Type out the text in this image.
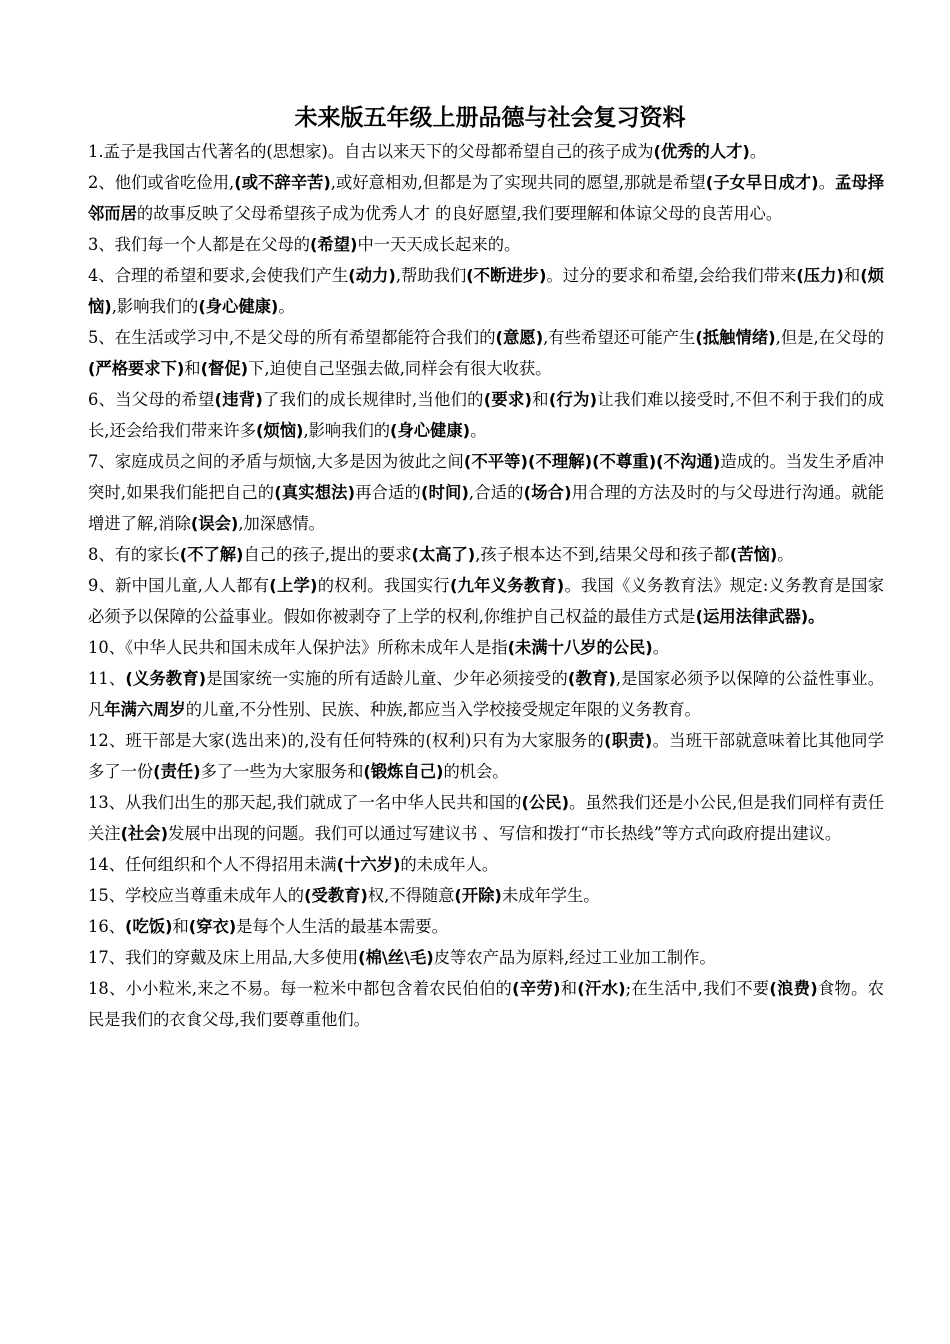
未来版五年级上册品德与社会复习资料

1.孟子是我国古代著名的(思想家)。自古以来天下的父母都希望自己的孩子成为(优秀的人才)。

2、他们或省吃俭用,(或不辞辛苦),或好意相劝,但都是为了实现共同的愿望,那就是希望(子女早日成才)。孟母择邻而居的故事反映了父母希望孩子成为优秀人才 的良好愿望,我们要理解和体谅父母的良苦用心。

3、我们每一个人都是在父母的(希望)中一天天成长起来的。

4、合理的希望和要求,会使我们产生(动力),帮助我们(不断进步)。过分的要求和希望,会给我们带来(压力)和(烦恼),影响我们的(身心健康)。

5、在生活或学习中,不是父母的所有希望都能符合我们的(意愿),有些希望还可能产生(抵触情绪),但是,在父母的(严格要求下)和(督促)下,迫使自己坚强去做,同样会有很大收获。

6、当父母的希望(违背)了我们的成长规律时,当他们的(要求)和(行为)让我们难以接受时,不但不利于我们的成长,还会给我们带来许多(烦恼),影响我们的(身心健康)。

7、家庭成员之间的矛盾与烦恼,大多是因为彼此之间(不平等)(不理解)(不尊重)(不沟通)造成的。当发生矛盾冲突时,如果我们能把自己的(真实想法)再合适的(时间),合适的(场合)用合理的方法及时的与父母进行沟通。就能增进了解,消除(误会),加深感情。

8、有的家长(不了解)自己的孩子,提出的要求(太高了),孩子根本达不到,结果父母和孩子都(苦恼)。

9、新中国儿童,人人都有(上学)的权利。我国实行(九年义务教育)。我国《义务教育法》规定:义务教育是国家必须予以保障的公益事业。假如你被剥夺了上学的权利,你维护自己权益的最佳方式是(运用法律武器)。

10、《中华人民共和国未成年人保护法》所称未成年人是指(未满十八岁的公民)。

11、(义务教育)是国家统一实施的所有适龄儿童、少年必须接受的(教育),是国家必须予以保障的公益性事业。凡年满六周岁的儿童,不分性别、民族、种族,都应当入学校接受规定年限的义务教育。

12、班干部是大家(选出来)的,没有任何特殊的(权利)只有为大家服务的(职责)。当班干部就意味着比其他同学多了一份(责任)多了一些为大家服务和(锻炼自己)的机会。

13、从我们出生的那天起,我们就成了一名中华人民共和国的(公民)。虽然我们还是小公民,但是我们同样有责任关注(社会)发展中出现的问题。我们可以通过写建议书 、写信和拨打“市长热线”等方式向政府提出建议。

14、任何组织和个人不得招用未满(十六岁)的未成年人。

15、学校应当尊重未成年人的(受教育)权,不得随意(开除)未成年学生。

16、(吃饭)和(穿衣)是每个人生活的最基本需要。

17、我们的穿戴及床上用品,大多使用(棉\丝\毛)皮等农产品为原料,经过工业加工制作。

18、小小粒米,来之不易。每一粒米中都包含着农民伯伯的(辛劳)和(汗水);在生活中,我们不要(浪费)食物。农民是我们的衣食父母,我们要尊重他们。
